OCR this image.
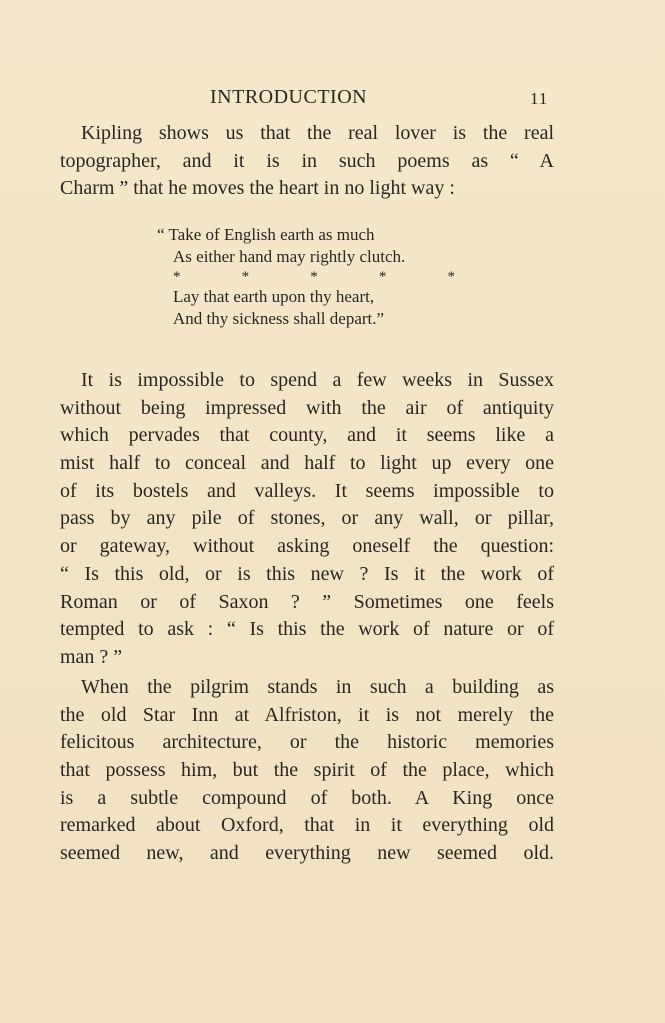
INTRODUCTION	11
Kipling shows us that the real lover is the real
topographer, and it is in such poems as “ A
Charm ” that he moves the heart in no light way :
“ Take of English earth as much
As either hand may rightly clutch.
*	*	*	*	*
Lay that earth upon thy heart,
And thy sickness shall depart.”
It is impossible to spend a few weeks in Sussex
without being impressed with the air of antiquity
which pervades that county, and it seems like a
mist half to conceal and half to light up every one
of its bostels and valleys. It seems impossible to
pass by any pile of stones, or any wall, or pillar,
or gateway, without asking oneself the question:
“ Is this old, or is this new ? Is it the work of
Roman or of Saxon ? ” Sometimes one feels
tempted to ask : “ Is this the work of nature or of
man ? ”
When the pilgrim stands in such a building as
the old Star Inn at Alfriston, it is not merely the
felicitous architecture, or the historic memories
that possess him, but the spirit of the place, which
is a subtle compound of both. A King once
remarked about Oxford, that in it everything old
seemed new, and everything new seemed old.
